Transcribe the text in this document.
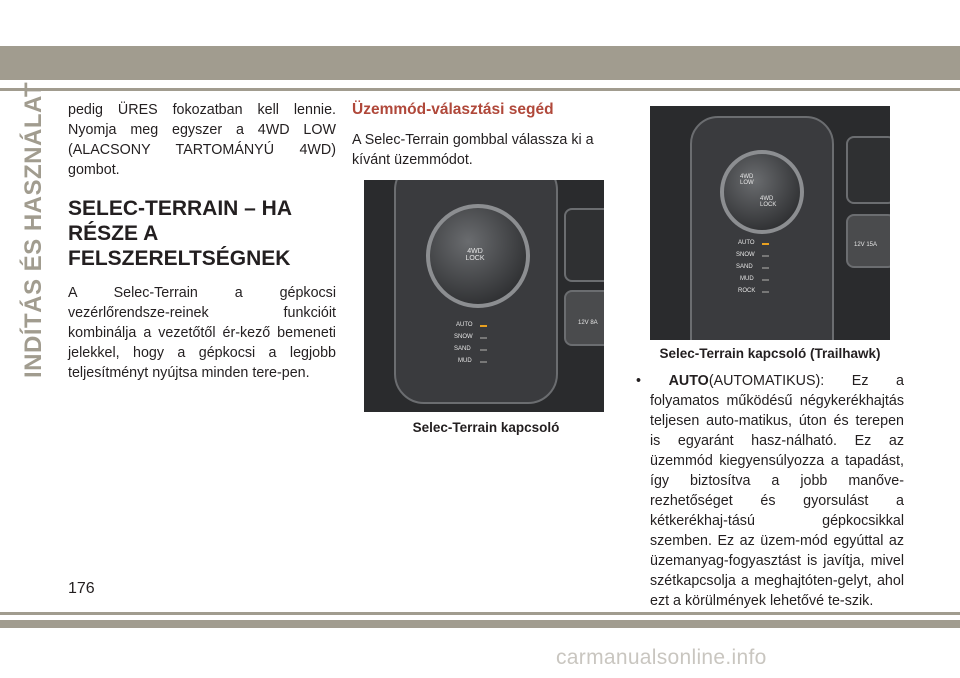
INDÍTÁS ÉS HASZNÁLAT pedig ÜRES fokozatban kell lennie. Nyomja meg egyszer a 4WD LOW (ALACSONY TARTOMÁNYÚ 4WD) gombot.

SELEC-TERRAIN – HA RÉSZE A FELSZERELTSÉGNEK

A Selec-Terrain a gépkocsi vezérlőrendsze-reinek funkcióit kombinálja a vezetőtől ér-kező bemeneti jelekkel, hogy a gépkocsi a legjobb teljesítményt nyújtsa minden tere-pen.

Üzemmód-választási segéd

A Selec-Terrain gombbal válassza ki a kívánt üzemmódot.

4WD LOCK
AUTO
SNOW
SAND
MUD
12V 8A
Selec-Terrain kapcsoló
4WD LOW
4WD LOCK
AUTO
SNOW
SAND
MUD
ROCK
12V 15A
Selec-Terrain kapcsoló (Trailhawk)
• AUTO(AUTOMATIKUS): Ez a folyamatos működésű négykerékhajtás teljesen auto-matikus, úton és terepen is egyaránt hasz-nálható. Ez az üzemmód kiegyensúlyozza a tapadást, így biztosítva a jobb manőve-rezhetőséget és gyorsulást a kétkerékhaj-tású gépkocsikkal szemben. Ez az üzem-mód egyúttal az üzemanyag-fogyasztást is javítja, mivel szétkapcsolja a meghajtóten-gelyt, ahol ezt a körülmények lehetővé te-szik.
176
carmanualsonline.info
